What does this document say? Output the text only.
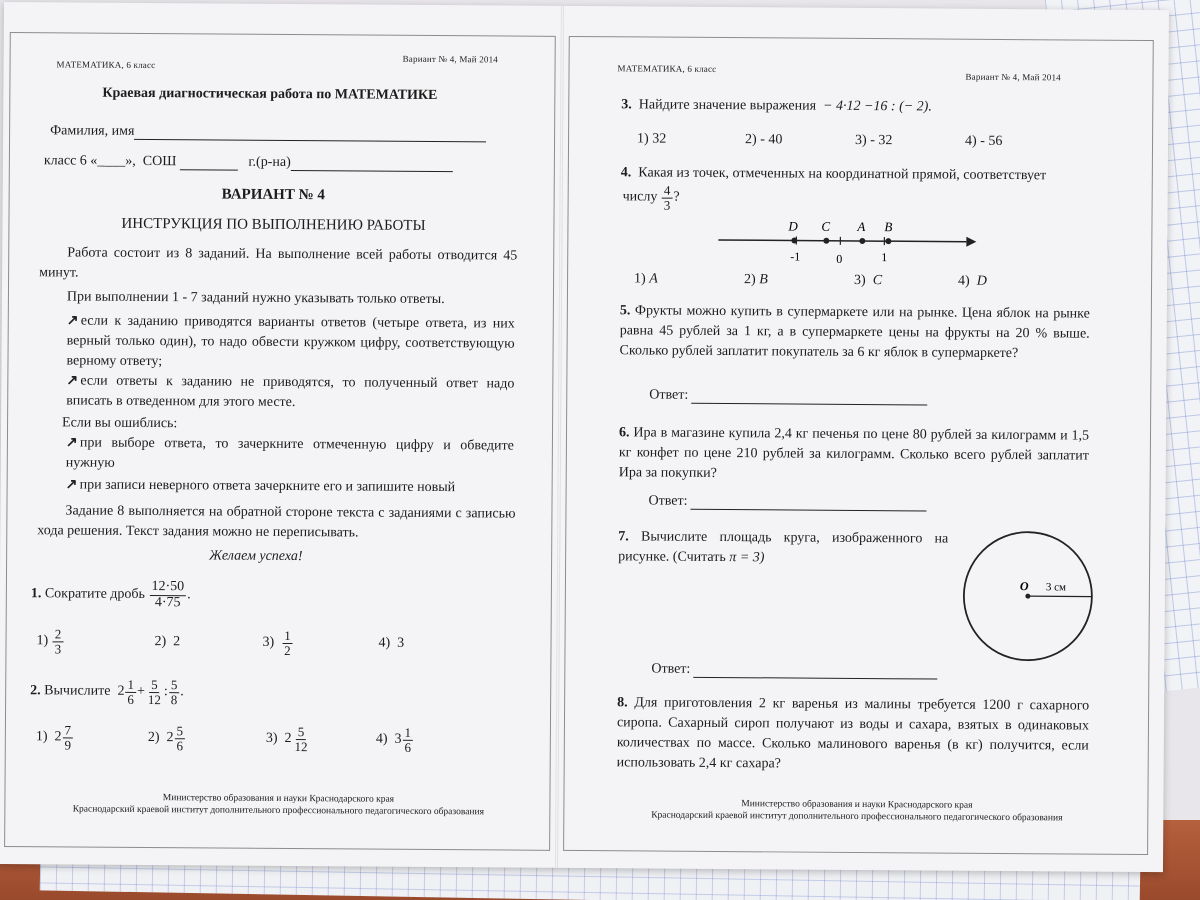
МАТЕМАТИКА, 6 класс
Вариант № 4, Май 2014
Краевая диагностическая работа по МАТЕМАТИКЕ
Фамилия, имя
класс 6 «____», СОШ	г.(р-на)
ВАРИАНТ № 4
ИНСТРУКЦИЯ ПО ВЫПОЛНЕНИЮ РАБОТЫ
Работа состоит из 8 заданий. На выполнение всей работы отводится 45 минут.
При выполнении 1 - 7 заданий нужно указывать только ответы.
↗ если к заданию приводятся варианты ответов (четыре ответа, из них верный только один), то надо обвести кружком цифру, соответствующую верному ответу;
↗ если ответы к заданию не приводятся, то полученный ответ надо вписать в отведенном для этого месте.
Если вы ошиблись:
↗ при выборе ответа, то зачеркните отмеченную цифру и обведите нужную
↗ при записи неверного ответа зачеркните его и запишите новый
Задание 8 выполняется на обратной стороне текста с заданиями с записью хода решения. Текст задания можно не переписывать.
Желаем успеха!
1.
Сократите дробь
$\frac{12\cdot 50}{4\cdot 75}$ .
1)
$\frac{2}{3}$	2) 2	3)
$\frac{1}{2}$	4) 3
2.
Вычислите
$2 \frac{1}{6} + \frac{5}{12}$ : $\frac{5}{8}$ .
1)
$2 \frac{7}{9}$	2)
$2 \frac{5}{6}$	3)
$2 \frac{5}{12}$	4)
$3 \frac{1}{6}$
Министерство образования и науки Краснодарского края
Краснодарский краевой институт дополнительного профессионального педагогического образования
МАТЕМАТИКА, 6 класс
Вариант № 4, Май 2014
3. Найдите значение выражения − 4·12 −16 : (− 2).
1) 32	2) - 40	3) - 32	4) - 56
4. Какая из точек, отмеченных на координатной прямой, соответствует
числу
$\frac{4}{3}$ ?
D C A B
-1	0	1
1) A	2) B	3) C	4) D
5. Фрукты можно купить в супермаркете или на рынке. Цена яблок на рынке равна 45 рублей за 1 кг, а в супермаркете цены на фрукты на 20 % выше. Сколько рублей заплатит покупатель за 6 кг яблок в супермаркете?
Ответ:
6. Ира в магазине купила 2,4 кг печенья по цене 80 рублей за килограмм и 1,5 кг конфет по цене 210 рублей за килограмм. Сколько всего рублей заплатит Ира за покупки?
Ответ:
7. Вычислите площадь круга, изображенного на рисунке. (Считать π = 3)
O 3 см
Ответ:
8. Для приготовления 2 кг варенья из малины требуется 1200 г сахарного сиропа. Сахарный сироп получают из воды и сахара, взятых в одинаковых количествах по массе. Сколько малинового варенья (в кг) получится, если использовать 2,4 кг сахара?
Министерство образования и науки Краснодарского края
Краснодарский краевой институт дополнительного профессионального педагогического образования
